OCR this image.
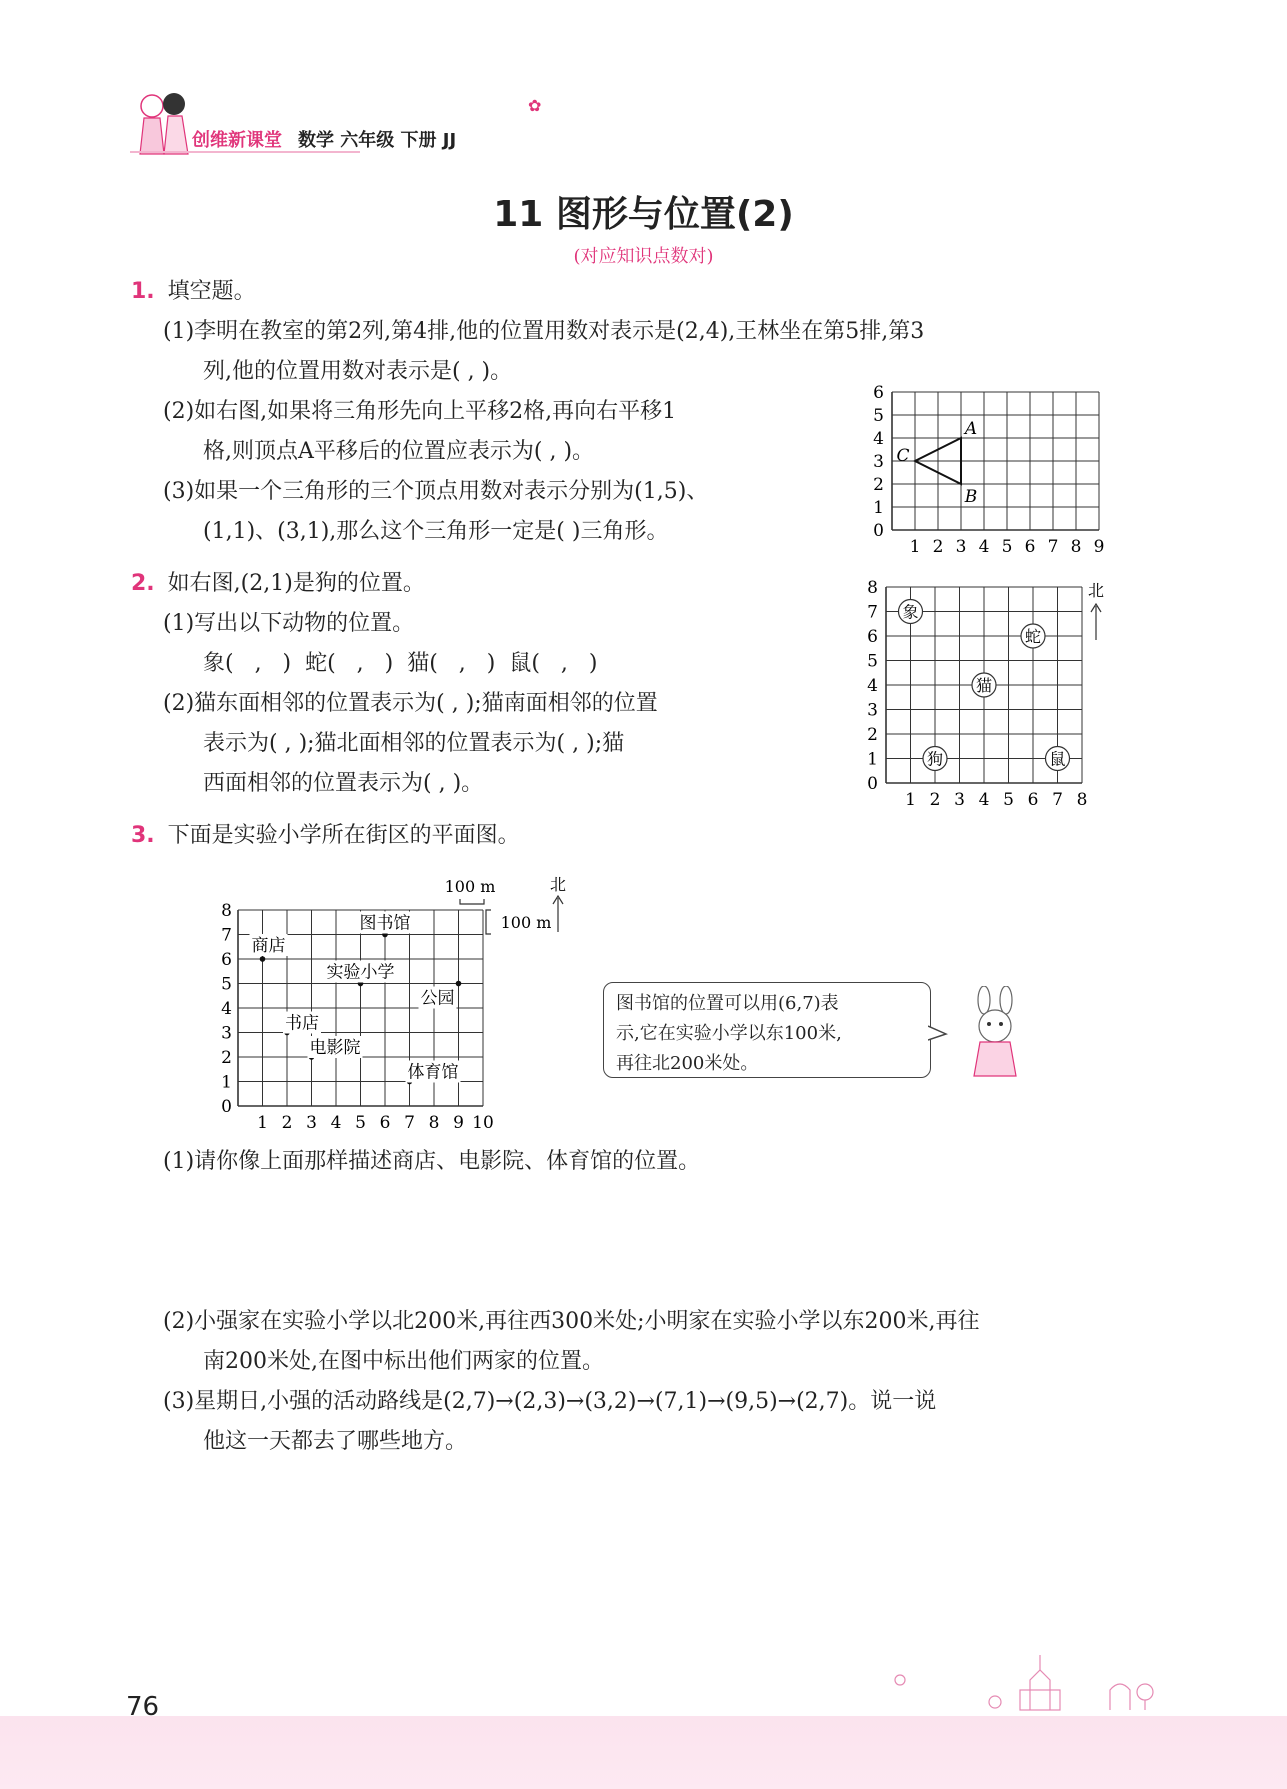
创维新课堂 数学 六年级 下册 JJ
✿
11 图形与位置(2)
(对应知识点数对)
1. 填空题。
(1)李明在教室的第2列,第4排,他的位置用数对表示是(2,4),王林坐在第5排,第3
列,他的位置用数对表示是( , )。
(2)如右图,如果将三角形先向上平移2格,再向右平移1
格,则顶点A平移后的位置应表示为( , )。
(3)如果一个三角形的三个顶点用数对表示分别为(1,5)、
(1,1)、(3,1),那么这个三角形一定是( )三角形。
1 2 3 4 5 6 7 8 9
0
1
2
3
4
5
6
A
B
C
2. 如右图,(2,1)是狗的位置。
(1)写出以下动物的位置。
象(   ,   )  蛇(   ,   )  猫(   ,   )  鼠(   ,   )
(2)猫东面相邻的位置表示为( , );猫南面相邻的位置
表示为( , );猫北面相邻的位置表示为( , );猫
西面相邻的位置表示为( , )。
1 2 3 4 5 6 7 8
0
1
2
3
4
5
6
7
8
象
蛇
猫
狗	鼠
北
3. 下面是实验小学所在街区的平面图。
1 2 3 4 5 6 7 8 9 10
0
1
2
3
4
5
6
7
8
图书馆
商店
实验小学
公园
书店
电影院
体育馆
100 m
100 m
北
图书馆的位置可以用(6,7)表
示,它在实验小学以东100米,
再往北200米处。
(1)请你像上面那样描述商店、电影院、体育馆的位置。
(2)小强家在实验小学以北200米,再往西300米处;小明家在实验小学以东200米,再往
南200米处,在图中标出他们两家的位置。
(3)星期日,小强的活动路线是(2,7)→(2,3)→(3,2)→(7,1)→(9,5)→(2,7)。说一说
他这一天都去了哪些地方。
76
